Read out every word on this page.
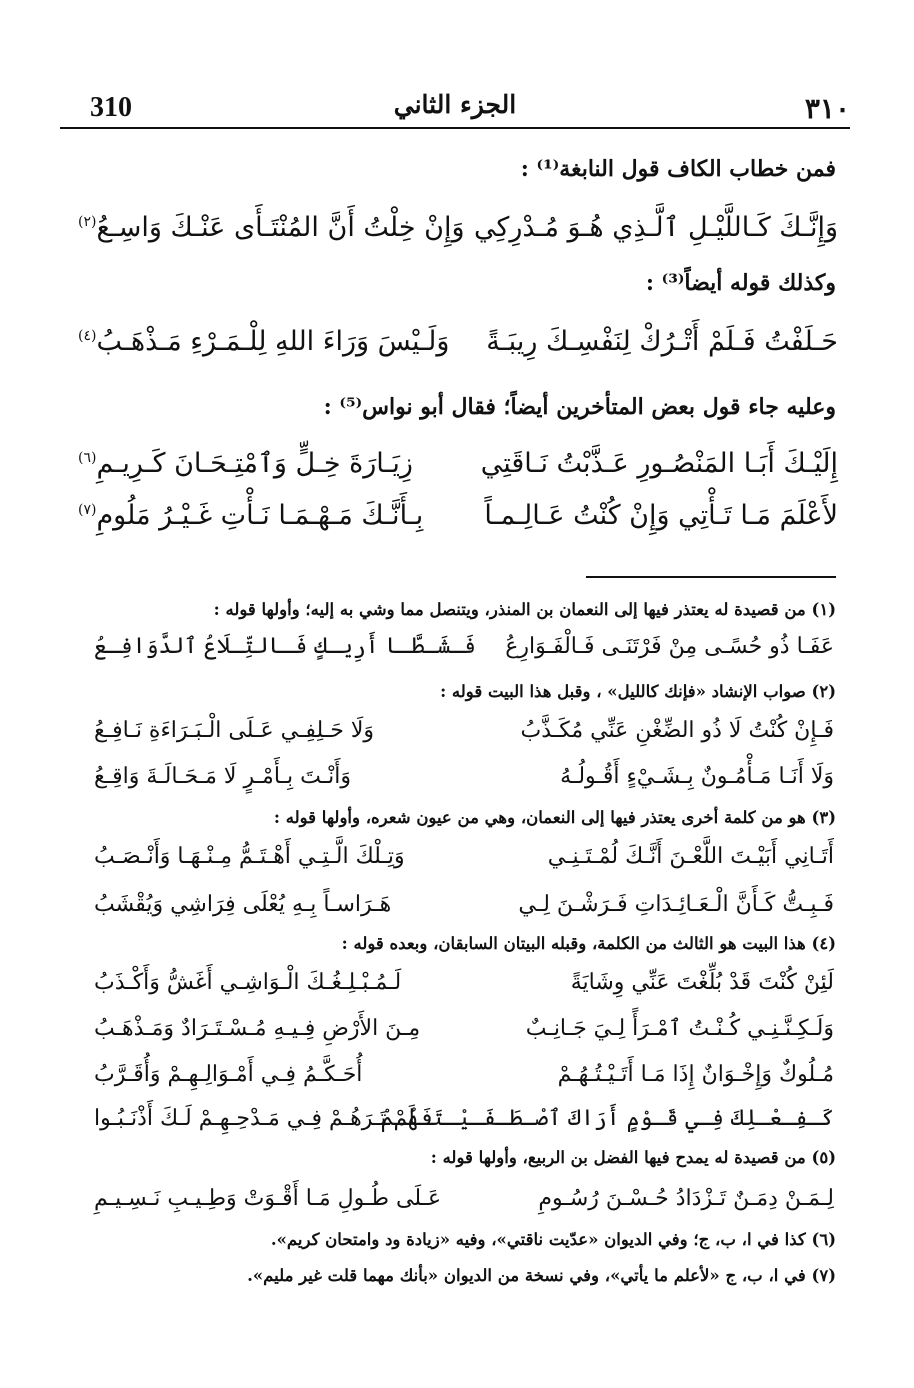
310	الجزء الثاني	٣١٠
فمن خطاب الكاف قول النابغة⁽¹⁾ :
وَإِنَّـكَ كَـاللَّيْـلِ ٱلَّـذِي هُـوَ مُـدْرِكِي
وَإِنْ خِلْتُ أَنَّ المُنْتَـأَى عَنْـكَ وَاسِـعُ$^{(٢)}$
وكذلك قوله أيضاً⁽³⁾ :
حَـلَفْتُ فَـلَمْ أَتْـرُكْ لِنَفْسِـكَ رِيبَـةً
وَلَـيْسَ وَرَاءَ اللهِ لِلْـمَـرْءِ مَـذْهَـبُ$^{(٤)}$
وعليه جاء قول بعض المتأخرين أيضاً؛ فقال أبو نواس⁽⁵⁾ :
إِلَيْـكَ أَبَـا المَنْصُـورِ عَـذَّبْتُ نَـاقَتِي
زِيَـارَةَ خِـلٍّ وَٱمْتِـحَـانَ كَـرِيـمِ$^{(٦)}$
لأَعْلَمَ مَـا تَـأْتِي وَإِنْ كُنْتُ عَـالِـمـاً
بِـأَنَّـكَ مَـهْـمَـا نَـأْتِ غَـيْـرُ مَلُومِ$^{(٧)}$
(١) من قصيدة له يعتذر فيها إلى النعمان بن المنذر، ويتنصل مما وشي به إليه؛ وأولها قوله :
عَفَـا ذُو حُسًـى مِنْ فَرْتَنَـى فَـالْفَـوَارِعُ
فَـشَـطَّـا أَرِيـكٍ فَـالتِّـلَاعُ ٱلدَّوَافِـعُ
(٢) صواب الإنشاد «فإنك كالليل» ، وقبل هذا البيت قوله :
فَـإِنْ كُنْتُ لَا ذُو الضِّغْنِ عَنِّي مُكَـذَّبُ
وَلَا حَـلِفِـي عَـلَى الْـبَـرَاءَةِ نَـافِـعُ
وَلَا أَنَـا مَـأْمُـونٌ بِـشَـيْءٍ أَقُـولُـهُ
وَأَنْـتَ بِـأَمْـرٍ لَا مَـحَـالَـةَ وَاقِـعُ
(٣) هو من كلمة أخرى يعتذر فيها إلى النعمان، وهي من عيون شعره، وأولها قوله :
أَتَـانِي أَبَيْـتَ اللَّعْـنَ أَنَّـكَ لُمْـتَـنِـي
وَتِـلْكَ الَّـتِـي أَهْـتَـمُّ مِـنْـهَـا وَأَنْـصَـبُ
فَـبِـتُّ كَـأَنَّ الْـعَـائِـدَاتِ فَـرَشْـنَ لِـي
هَـرَاسـاً بِـهِ يُعْلَى فِرَاشِي وَيُقْشَبُ
(٤) هذا البيت هو الثالث من الكلمة، وقبله البيتان السابقان، وبعده قوله :
لَئِنْ كُنْتَ قَدْ بُلِّغْتَ عَنِّي وِشَايَةً
لَـمُـبْـلِـغُـكَ الْـوَاشِـي أَغَشُّ وَأَكْـذَبُ
وَلَـكِـنَّـنِـي كُـنْـتُ ٱمْـرَأً لِـيَ جَـانِـبٌ
مِـنَ الأَرْضِ فِـيـهِ مُـسْـتَـرَادٌ وَمَـذْهَـبُ
مُـلُوكٌ وَإِخْـوَانٌ إِذَا مَـا أَتَـيْـتُـهُـمْ
أُحَـكَّـمُ فِـي أَمْـوَالِـهِـمْ وَأُقَـرَّبُ
كَـفِـعْـلِكَ فِـي قَـوْمٍ أَرَاكَ ٱصْـطَـفَـيْـتَـهُـمْ
فَـلَمْ تَـرَهُـمْ فِـي مَـدْحِـهِـمْ لَـكَ أَذْنَـبُـوا
(٥) من قصيدة له يمدح فيها الفضل بن الربيع، وأولها قوله :
لِـمَـنْ دِمَـنٌ تَـزْدَادُ حُـسْـنَ رُسُـومِ
عَـلَى طُـولِ مَـا أَقْـوَتْ وَطِـيـبِ نَـسِـيـمِ
(٦) كذا في ا، ب، ج؛ وفي الديوان «عدّيت ناقتي»، وفيه «زيادة ود وامتحان كريم».
(٧) في ا، ب، ج «لأعلم ما يأتي»، وفي نسخة من الديوان «بأنك مهما قلت غير مليم».
